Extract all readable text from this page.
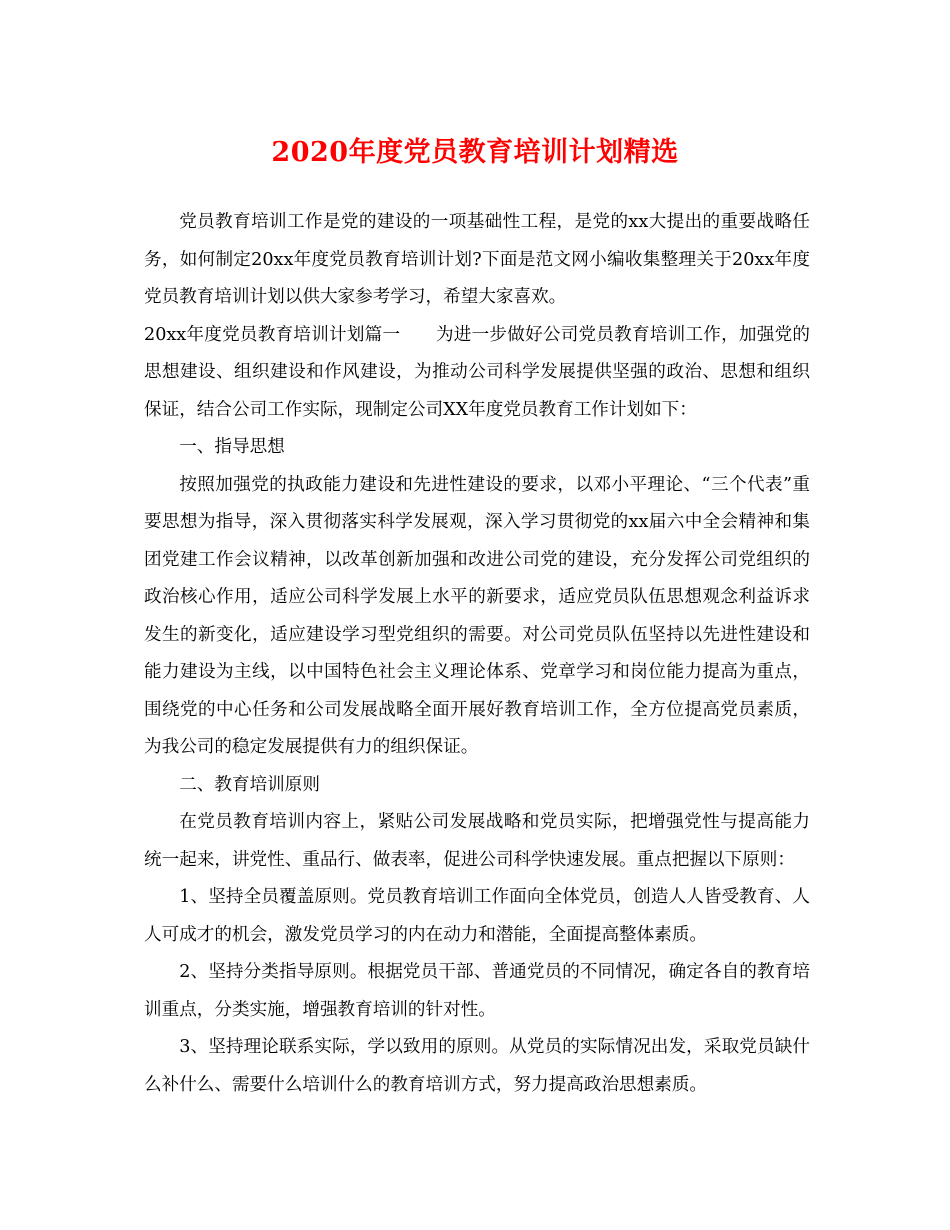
2020年度党员教育培训计划精选

党员教育培训工作是党的建设的一项基础性工程，是党的xx大提出的重要战略任务，如何制定20xx年度党员教育培训计划?下面是范文网小编收集整理关于20xx年度党员教育培训计划以供大家参考学习，希望大家喜欢。

20xx年度党员教育培训计划篇一　　为进一步做好公司党员教育培训工作，加强党的思想建设、组织建设和作风建设，为推动公司科学发展提供坚强的政治、思想和组织保证，结合公司工作实际，现制定公司XX年度党员教育工作计划如下：

一、指导思想

按照加强党的执政能力建设和先进性建设的要求，以邓小平理论、“三个代表”重要思想为指导，深入贯彻落实科学发展观，深入学习贯彻党的xx届六中全会精神和集团党建工作会议精神，以改革创新加强和改进公司党的建设，充分发挥公司党组织的政治核心作用，适应公司科学发展上水平的新要求，适应党员队伍思想观念利益诉求发生的新变化，适应建设学习型党组织的需要。对公司党员队伍坚持以先进性建设和能力建设为主线，以中国特色社会主义理论体系、党章学习和岗位能力提高为重点，围绕党的中心任务和公司发展战略全面开展好教育培训工作，全方位提高党员素质，为我公司的稳定发展提供有力的组织保证。

二、教育培训原则

在党员教育培训内容上，紧贴公司发展战略和党员实际，把增强党性与提高能力统一起来，讲党性、重品行、做表率，促进公司科学快速发展。重点把握以下原则：

1、坚持全员覆盖原则。党员教育培训工作面向全体党员，创造人人皆受教育、人人可成才的机会，激发党员学习的内在动力和潜能，全面提高整体素质。

2、坚持分类指导原则。根据党员干部、普通党员的不同情况，确定各自的教育培训重点，分类实施，增强教育培训的针对性。

3、坚持理论联系实际，学以致用的原则。从党员的实际情况出发，采取党员缺什么补什么、需要什么培训什么的教育培训方式，努力提高政治思想素质。
